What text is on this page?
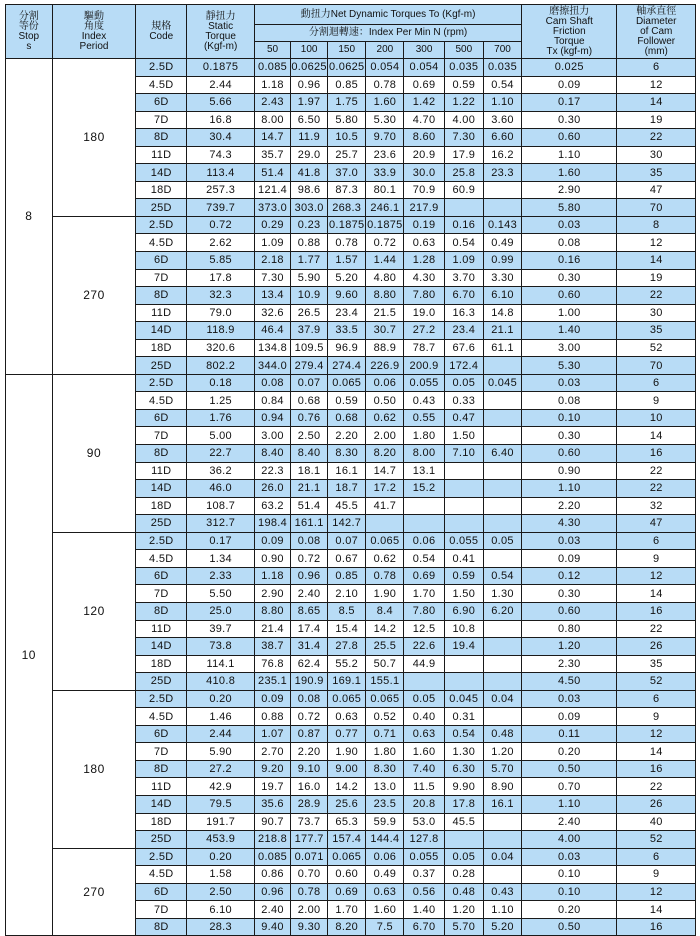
分割
等份
Stop
s	驅動
角度
Index
Period	規格
Code	靜扭力
Static
Torque
(Kgf-m)	動扭力Net Dynamic Torques To (Kgf-m)							磨擦扭力
Cam Shaft
Friction
Torque
Tx (kgf-m)	軸承直徑
Diameter
of Cam
Follower
(mm)

				分割迴轉速：Index Per Min N (rpm)								
				50	100	150	200	300	500	700		
8	180	2.5D	0.1875	0.085	0.0625	0.0625	0.054	0.054	0.035	0.035	0.025	6
		4.5D	2.44	1.18	0.96	0.85	0.78	0.69	0.59	0.54	0.09	12
		6D	5.66	2.43	1.97	1.75	1.60	1.42	1.22	1.10	0.17	14
		7D	16.8	8.00	6.50	5.80	5.30	4.70	4.00	3.60	0.30	19
		8D	30.4	14.7	11.9	10.5	9.70	8.60	7.30	6.60	0.60	22
		11D	74.3	35.7	29.0	25.7	23.6	20.9	17.9	16.2	1.10	30
		14D	113.4	51.4	41.8	37.0	33.9	30.0	25.8	23.3	1.60	35
		18D	257.3	121.4	98.6	87.3	80.1	70.9	60.9		2.90	47
		25D	739.7	373.0	303.0	268.3	246.1	217.9			5.80	70
	270	2.5D	0.72	0.29	0.23	0.1875	0.1875	0.19	0.16	0.143	0.03	8
		4.5D	2.62	1.09	0.88	0.78	0.72	0.63	0.54	0.49	0.08	12
		6D	5.85	2.18	1.77	1.57	1.44	1.28	1.09	0.99	0.16	14
		7D	17.8	7.30	5.90	5.20	4.80	4.30	3.70	3.30	0.30	19
		8D	32.3	13.4	10.9	9.60	8.80	7.80	6.70	6.10	0.60	22
		11D	79.0	32.6	26.5	23.4	21.5	19.0	16.3	14.8	1.00	30
		14D	118.9	46.4	37.9	33.5	30.7	27.2	23.4	21.1	1.40	35
		18D	320.6	134.8	109.5	96.9	88.9	78.7	67.6	61.1	3.00	52
		25D	802.2	344.0	279.4	274.4	226.9	200.9	172.4		5.30	70
10	90	2.5D	0.18	0.08	0.07	0.065	0.06	0.055	0.05	0.045	0.03	6
		4.5D	1.25	0.84	0.68	0.59	0.50	0.43	0.33		0.08	9
		6D	1.76	0.94	0.76	0.68	0.62	0.55	0.47		0.10	10
		7D	5.00	3.00	2.50	2.20	2.00	1.80	1.50		0.30	14
		8D	22.7	8.40	8.40	8.30	8.20	8.00	7.10	6.40	0.60	16
		11D	36.2	22.3	18.1	16.1	14.7	13.1			0.90	22
		14D	46.0	26.0	21.1	18.7	17.2	15.2			1.10	22
		18D	108.7	63.2	51.4	45.5	41.7				2.20	32
		25D	312.7	198.4	161.1	142.7					4.30	47
	120	2.5D	0.17	0.09	0.08	0.07	0.065	0.06	0.055	0.05	0.03	6
		4.5D	1.34	0.90	0.72	0.67	0.62	0.54	0.41		0.09	9
		6D	2.33	1.18	0.96	0.85	0.78	0.69	0.59	0.54	0.12	12
		7D	5.50	2.90	2.40	2.10	1.90	1.70	1.50	1.30	0.30	14
		8D	25.0	8.80	8.65	8.5	8.4	7.80	6.90	6.20	0.60	16
		11D	39.7	21.4	17.4	15.4	14.2	12.5	10.8		0.80	22
		14D	73.8	38.7	31.4	27.8	25.5	22.6	19.4		1.20	26
		18D	114.1	76.8	62.4	55.2	50.7	44.9			2.30	35
		25D	410.8	235.1	190.9	169.1	155.1				4.50	52
	180	2.5D	0.20	0.09	0.08	0.065	0.065	0.05	0.045	0.04	0.03	6
		4.5D	1.46	0.88	0.72	0.63	0.52	0.40	0.31		0.09	9
		6D	2.44	1.07	0.87	0.77	0.71	0.63	0.54	0.48	0.11	12
		7D	5.90	2.70	2.20	1.90	1.80	1.60	1.30	1.20	0.20	14
		8D	27.2	9.20	9.10	9.00	8.30	7.40	6.30	5.70	0.50	16
		11D	42.9	19.7	16.0	14.2	13.0	11.5	9.90	8.90	0.70	22
		14D	79.5	35.6	28.9	25.6	23.5	20.8	17.8	16.1	1.10	26
		18D	191.7	90.7	73.7	65.3	59.9	53.0	45.5		2.40	40
		25D	453.9	218.8	177.7	157.4	144.4	127.8			4.00	52
	270	2.5D	0.20	0.085	0.071	0.065	0.06	0.055	0.05	0.04	0.03	6
		4.5D	1.58	0.86	0.70	0.60	0.49	0.37	0.28		0.10	9
		6D	2.50	0.96	0.78	0.69	0.63	0.56	0.48	0.43	0.10	12
		7D	6.10	2.40	2.00	1.70	1.60	1.40	1.20	1.10	0.20	14
		8D	28.3	9.40	9.30	8.20	7.5	6.70	5.70	5.20	0.50	16
